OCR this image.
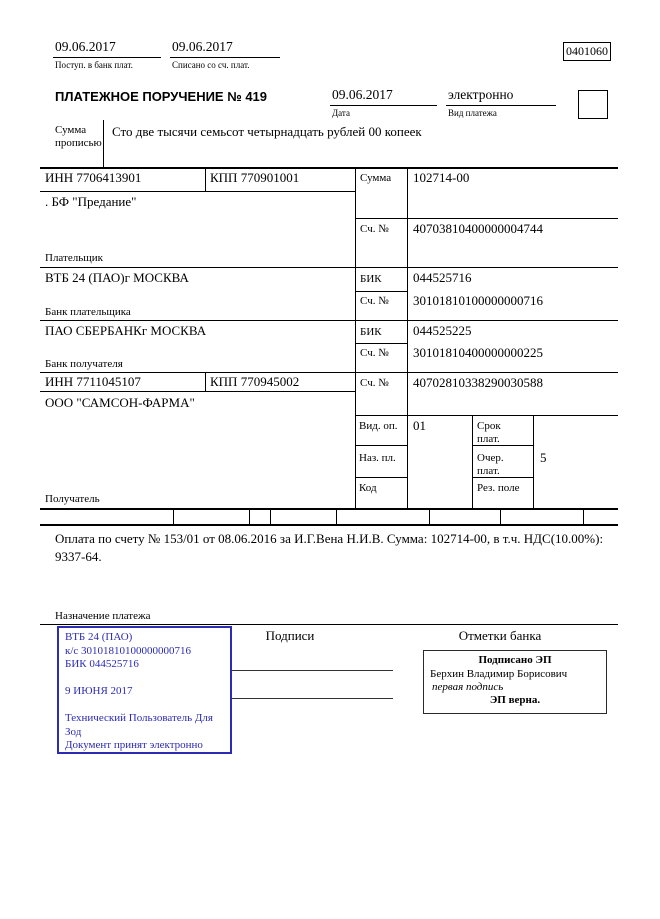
09.06.2017
Поступ. в банк плат.
09.06.2017
Списано со сч. плат.
0401060
ПЛАТЕЖНОЕ ПОРУЧЕНИЕ № 419	09.06.2017
Дата
электронно
Вид платежа
Сумма прописью
Сто две тысячи семьсот четырнадцать рублей 00 копеек
ИНН 7706413901	КПП 770901001
. БФ "Предание"
Плательщик
Сумма 102714-00
Сч. № 40703810400000004744
ВТБ 24 (ПАО)г МОСКВА	БИК 044525716
Сч. № 30101810100000000716
Банк плательщика
ПАО СБЕРБАНКг МОСКВА	БИК 044525225
Сч. № 30101810400000000225
Банк получателя
ИНН 7711045107	КПП 770945002	Сч. № 40702810338290030588
ООО "САМСОН-ФАРМА"
Получатель
Вид. оп. 01	Срок плат.
Наз. пл.	Очер. плат.
5
Код	Рез. поле
Оплата по счету № 153/01 от 08.06.2016 за И.Г.Вена Н.И.В. Сумма: 102714-00, в т.ч. НДС(10.00%): 9337-64.
Назначение платежа
ВТБ 24 (ПАО)
к/с 30101810100000000716
БИК 044525716
9 ИЮНЯ 2017
Технический Пользователь Для
Зод
Документ принят электронно
Подписи	Отметки банка
Подписано ЭП
Берхин Владимир Борисович
первая подпись
ЭП верна.
